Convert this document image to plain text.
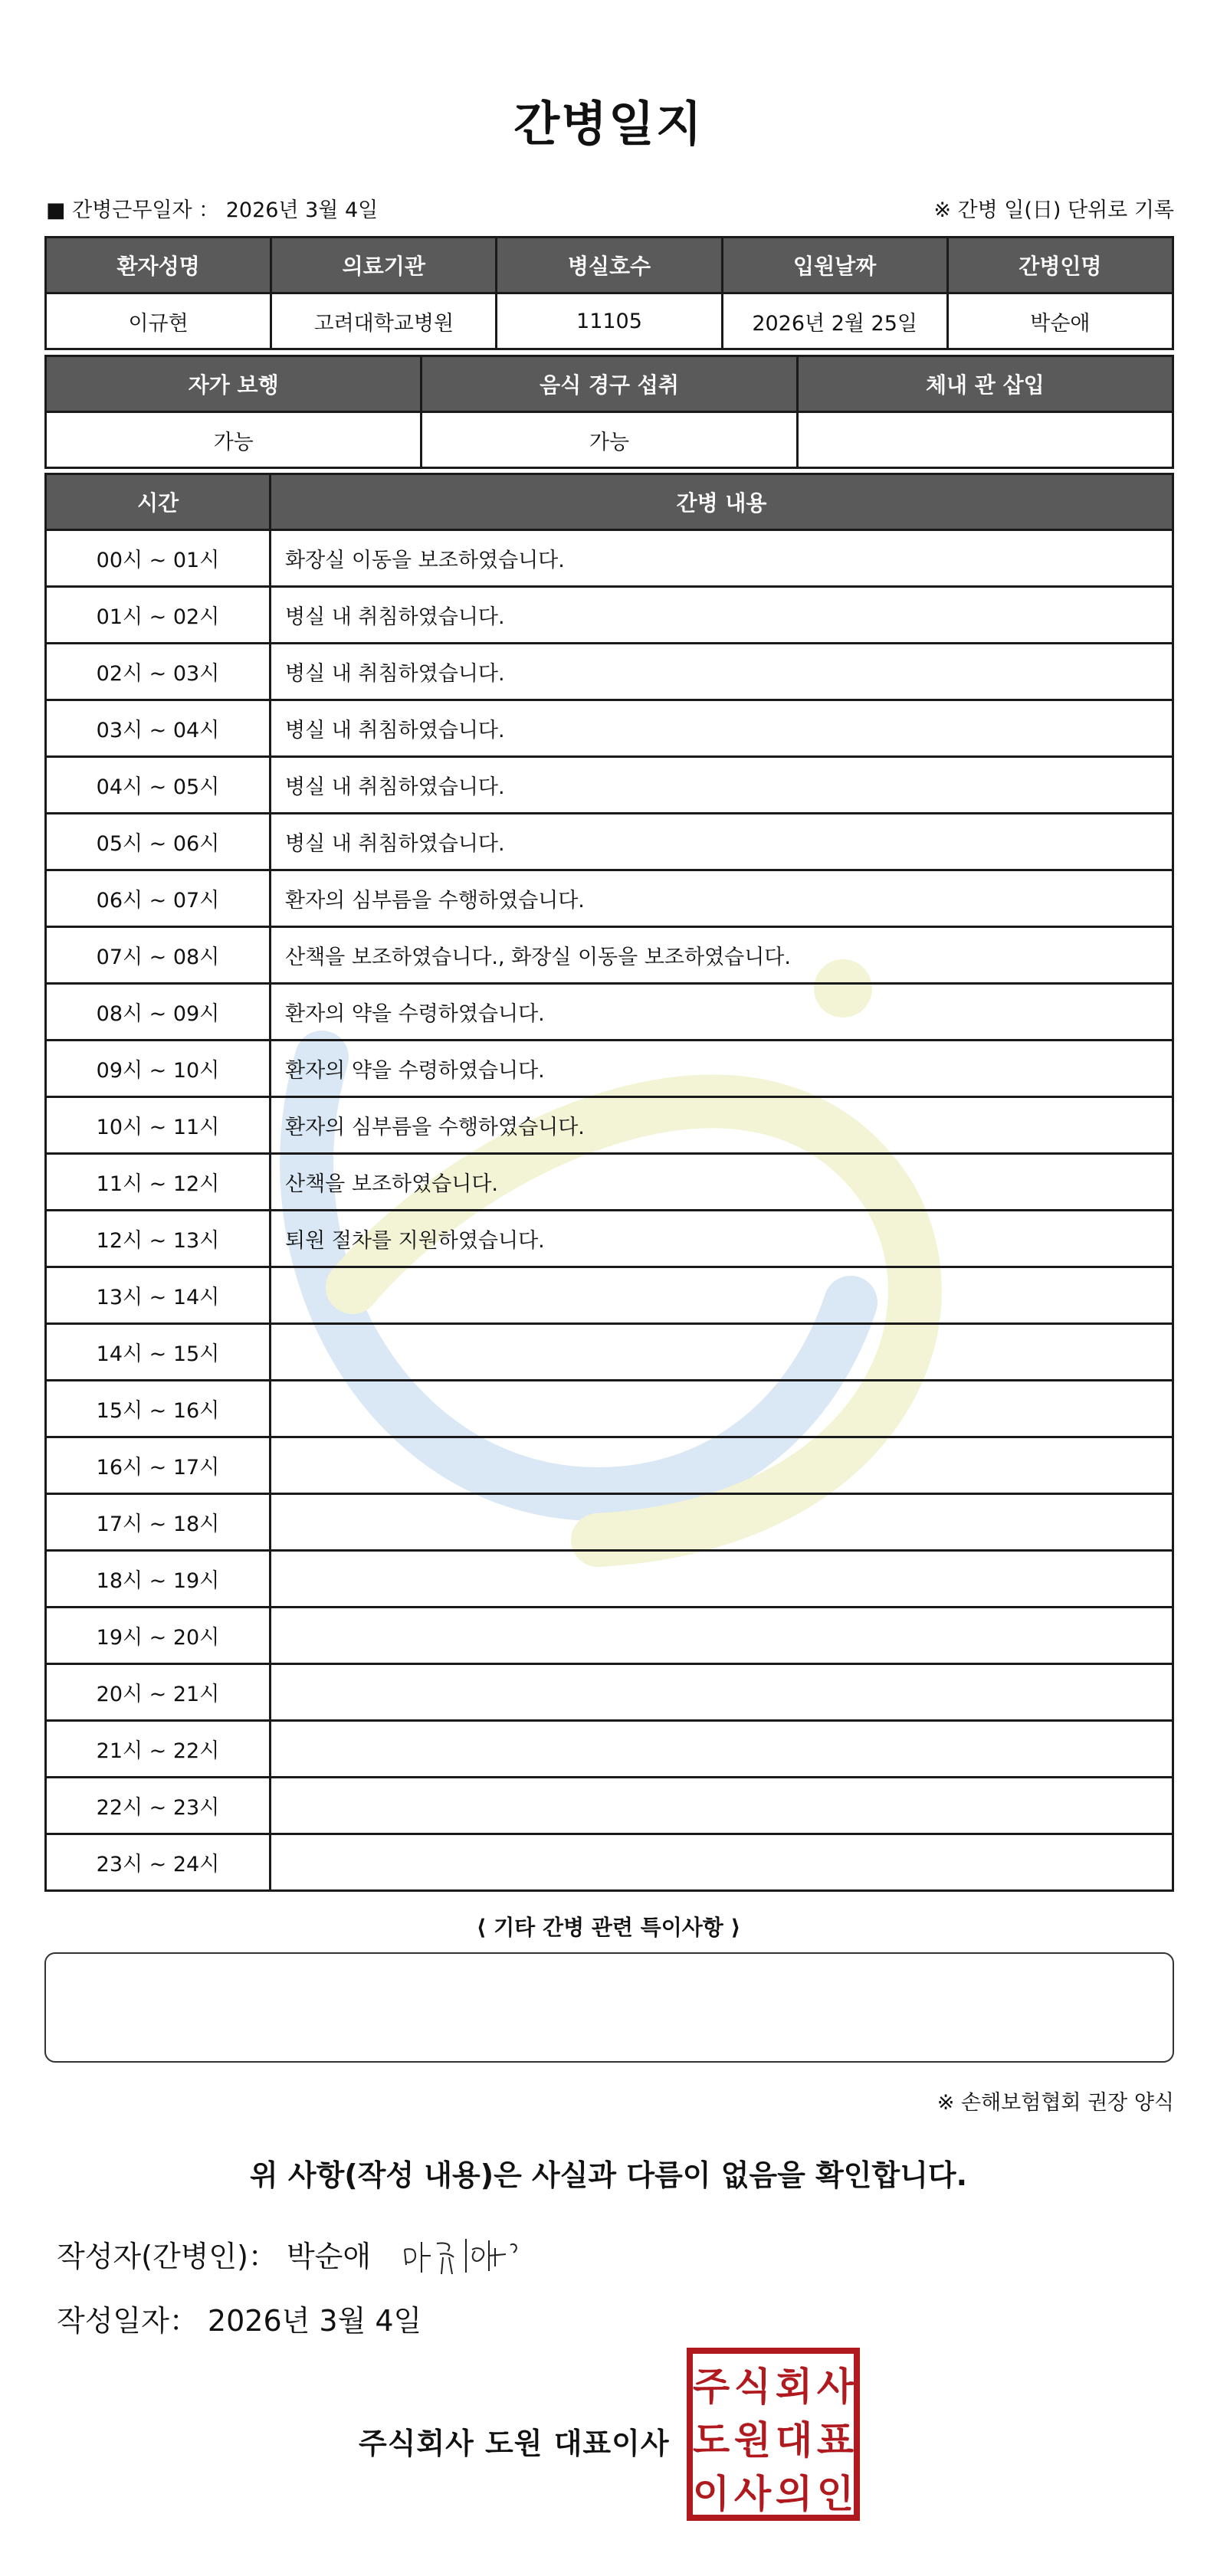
간병일지
■ 간병근무일자 ： 2026년 3월 4일	※ 간병 일(日) 단위로 기록
환자성명	의료기관	병실호수	입원날짜	간병인명
이규현	고려대학교병원	11105	2026년 2월 25일	박순애
자가 보행	음식 경구 섭취	체내 관 삽입
가능	가능	
시간	간병 내용
00시 ~ 01시	화장실 이동을 보조하였습니다.
01시 ~ 02시	병실 내 취침하였습니다.
02시 ~ 03시	병실 내 취침하였습니다.
03시 ~ 04시	병실 내 취침하였습니다.
04시 ~ 05시	병실 내 취침하였습니다.
05시 ~ 06시	병실 내 취침하였습니다.
06시 ~ 07시	환자의 심부름을 수행하였습니다.
07시 ~ 08시	산책을 보조하였습니다., 화장실 이동을 보조하였습니다.
08시 ~ 09시	환자의 약을 수령하였습니다.
09시 ~ 10시	환자의 약을 수령하였습니다.
10시 ~ 11시	환자의 심부름을 수행하였습니다.
11시 ~ 12시	산책을 보조하였습니다.
12시 ~ 13시	퇴원 절차를 지원하였습니다.
13시 ~ 14시	
14시 ~ 15시	
15시 ~ 16시	
16시 ~ 17시	
17시 ~ 18시	
18시 ~ 19시	
19시 ~ 20시	
20시 ~ 21시	
21시 ~ 22시	
22시 ~ 23시	
23시 ~ 24시	
⟨ 기타 간병 관련 특이사항 ⟩
※ 손해보험협회 권장 양식
위 사항(작성 내용)은 사실과 다름이 없음을 확인합니다.
작성자(간병인)： 박순애
작성일자： 2026년 3월 4일
주식회사 도원 대표이사
주 식 회 사
도 원 대 표
이 사 의 인
